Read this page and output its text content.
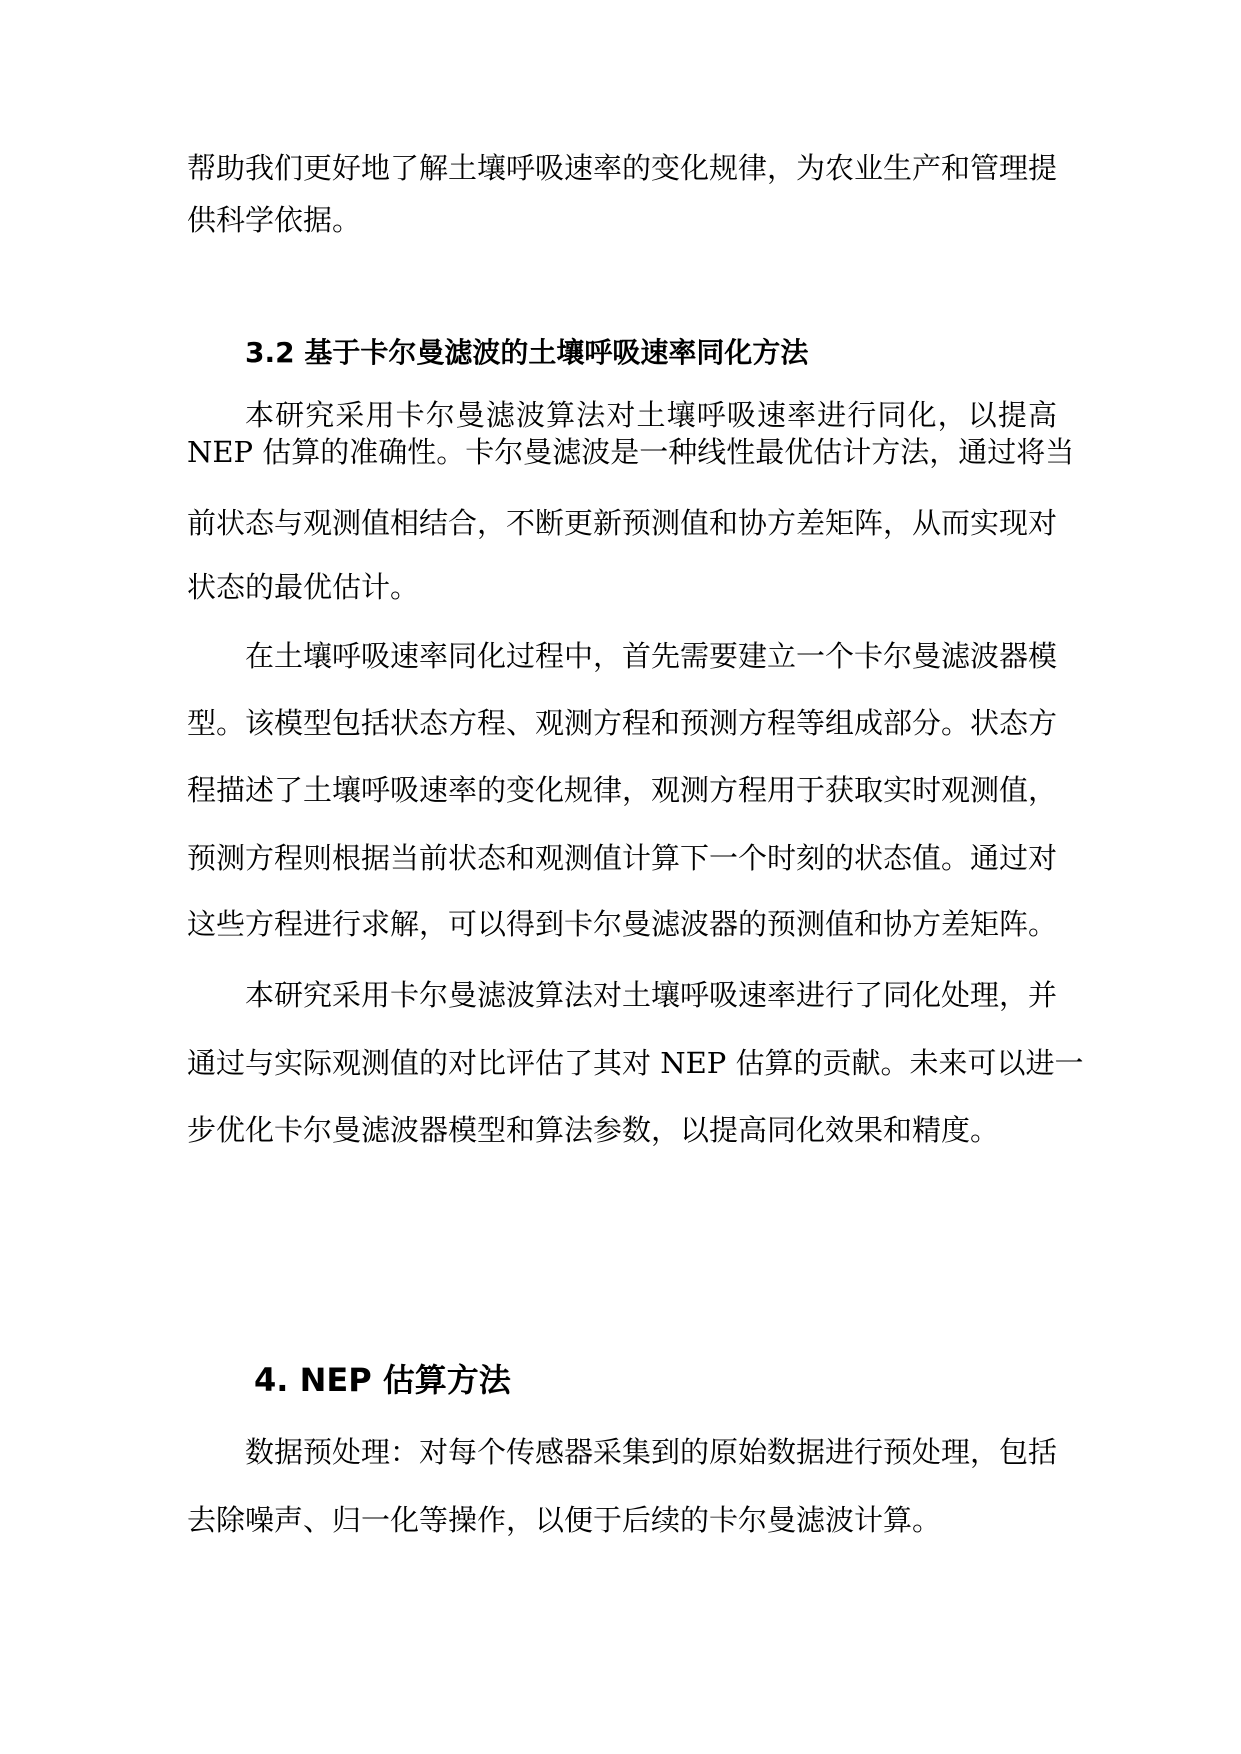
帮助我们更好地了解土壤呼吸速率的变化规律，为农业生产和管理提
供科学依据。
3.2 基于卡尔曼滤波的土壤呼吸速率同化方法
本研究采用卡尔曼滤波算法对土壤呼吸速率进行同化，以提高
NEP 估算的准确性。卡尔曼滤波是一种线性最优估计方法，通过将当
前状态与观测值相结合，不断更新预测值和协方差矩阵，从而实现对
状态的最优估计。
在土壤呼吸速率同化过程中，首先需要建立一个卡尔曼滤波器模
型。该模型包括状态方程、观测方程和预测方程等组成部分。状态方
程描述了土壤呼吸速率的变化规律，观测方程用于获取实时观测值，
预测方程则根据当前状态和观测值计算下一个时刻的状态值。通过对
这些方程进行求解，可以得到卡尔曼滤波器的预测值和协方差矩阵。
本研究采用卡尔曼滤波算法对土壤呼吸速率进行了同化处理，并
通过与实际观测值的对比评估了其对 NEP 估算的贡献。未来可以进一
步优化卡尔曼滤波器模型和算法参数，以提高同化效果和精度。
4. NEP 估算方法
数据预处理：对每个传感器采集到的原始数据进行预处理，包括
去除噪声、归一化等操作，以便于后续的卡尔曼滤波计算。
